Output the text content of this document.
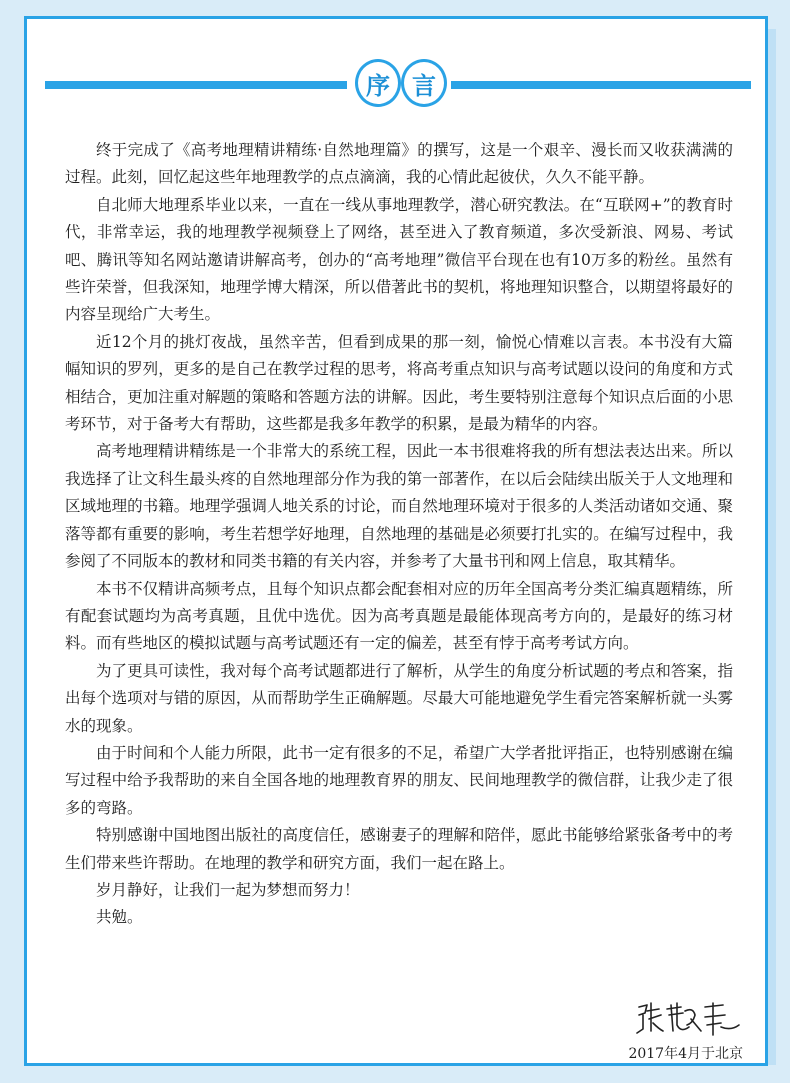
序 言

终于完成了《高考地理精讲精练·自然地理篇》的撰写，这是一个艰辛、漫长而又收获满满的过程。此刻，回忆起这些年地理教学的点点滴滴，我的心情此起彼伏，久久不能平静。

自北师大地理系毕业以来，一直在一线从事地理教学，潜心研究教法。在“互联网+”的教育时代，非常幸运，我的地理教学视频登上了网络，甚至进入了教育频道，多次受新浪、网易、考试吧、腾讯等知名网站邀请讲解高考，创办的“高考地理”微信平台现在也有10万多的粉丝。虽然有些许荣誉，但我深知，地理学博大精深，所以借著此书的契机，将地理知识整合，以期望将最好的内容呈现给广大考生。

近12个月的挑灯夜战，虽然辛苦，但看到成果的那一刻，愉悦心情难以言表。本书没有大篇幅知识的罗列，更多的是自己在教学过程的思考，将高考重点知识与高考试题以设问的角度和方式相结合，更加注重对解题的策略和答题方法的讲解。因此，考生要特别注意每个知识点后面的小思考环节，对于备考大有帮助，这些都是我多年教学的积累，是最为精华的内容。

高考地理精讲精练是一个非常大的系统工程，因此一本书很难将我的所有想法表达出来。所以我选择了让文科生最头疼的自然地理部分作为我的第一部著作，在以后会陆续出版关于人文地理和区域地理的书籍。地理学强调人地关系的讨论，而自然地理环境对于很多的人类活动诸如交通、聚落等都有重要的影响，考生若想学好地理，自然地理的基础是必须要打扎实的。在编写过程中，我参阅了不同版本的教材和同类书籍的有关内容，并参考了大量书刊和网上信息，取其精华。

本书不仅精讲高频考点，且每个知识点都会配套相对应的历年全国高考分类汇编真题精练，所有配套试题均为高考真题，且优中选优。因为高考真题是最能体现高考方向的，是最好的练习材料。而有些地区的模拟试题与高考试题还有一定的偏差，甚至有悖于高考考试方向。

为了更具可读性，我对每个高考试题都进行了解析，从学生的角度分析试题的考点和答案，指出每个选项对与错的原因，从而帮助学生正确解题。尽最大可能地避免学生看完答案解析就一头雾水的现象。

由于时间和个人能力所限，此书一定有很多的不足，希望广大学者批评指正，也特别感谢在编写过程中给予我帮助的来自全国各地的地理教育界的朋友、民间地理教学的微信群，让我少走了很多的弯路。

特别感谢中国地图出版社的高度信任，感谢妻子的理解和陪伴，愿此书能够给紧张备考中的考生们带来些许帮助。在地理的教学和研究方面，我们一起在路上。

岁月静好，让我们一起为梦想而努力！

共勉。

2017年4月于北京
